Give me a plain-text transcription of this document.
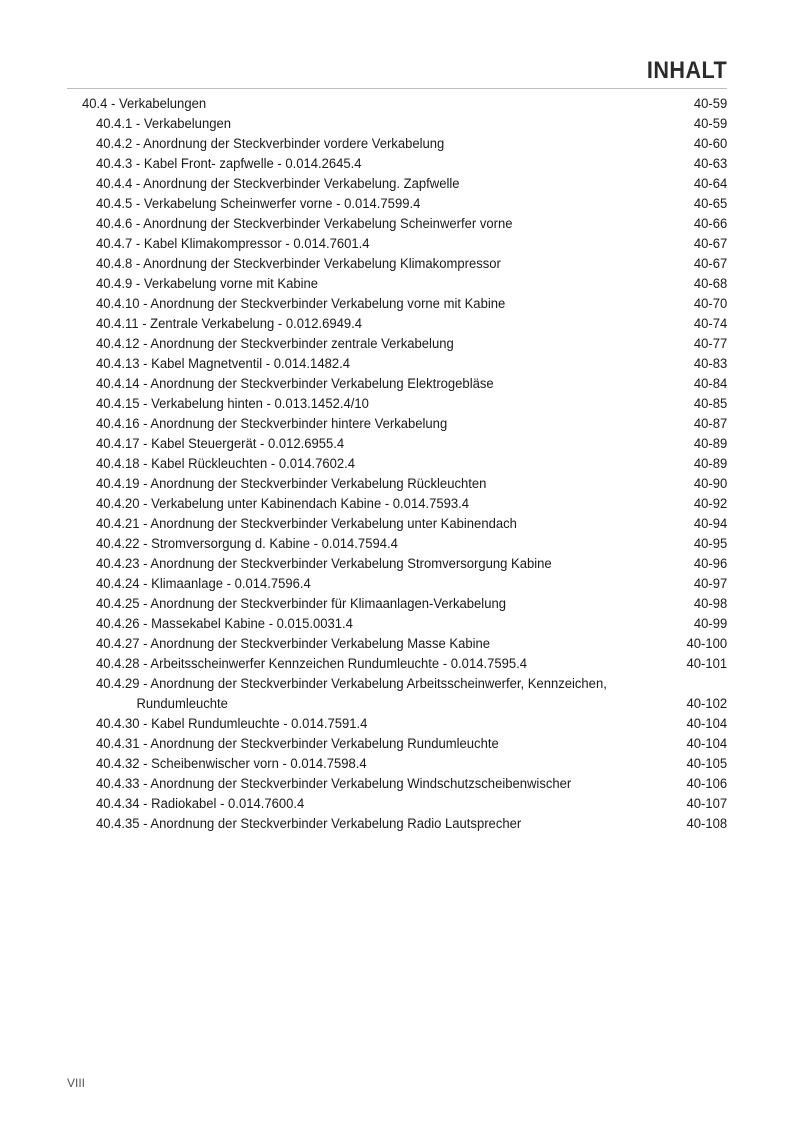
INHALT
40.4 - Verkabelungen	40-59
40.4.1 - Verkabelungen	40-59
40.4.2 - Anordnung der Steckverbinder vordere Verkabelung	40-60
40.4.3 - Kabel Front- zapfwelle - 0.014.2645.4	40-63
40.4.4 - Anordnung der Steckverbinder Verkabelung. Zapfwelle	40-64
40.4.5 - Verkabelung Scheinwerfer vorne - 0.014.7599.4	40-65
40.4.6 - Anordnung der Steckverbinder Verkabelung Scheinwerfer vorne	40-66
40.4.7 - Kabel Klimakompressor - 0.014.7601.4	40-67
40.4.8 - Anordnung der Steckverbinder Verkabelung Klimakompressor	40-67
40.4.9 - Verkabelung vorne mit Kabine	40-68
40.4.10 - Anordnung der Steckverbinder Verkabelung vorne mit Kabine	40-70
40.4.11 - Zentrale Verkabelung - 0.012.6949.4	40-74
40.4.12 - Anordnung der Steckverbinder zentrale Verkabelung	40-77
40.4.13 - Kabel Magnetventil - 0.014.1482.4	40-83
40.4.14 - Anordnung der Steckverbinder Verkabelung Elektrogebläse	40-84
40.4.15 - Verkabelung hinten - 0.013.1452.4/10	40-85
40.4.16 - Anordnung der Steckverbinder hintere Verkabelung	40-87
40.4.17 - Kabel Steuergerät - 0.012.6955.4	40-89
40.4.18 - Kabel Rückleuchten - 0.014.7602.4	40-89
40.4.19 - Anordnung der Steckverbinder Verkabelung Rückleuchten	40-90
40.4.20 - Verkabelung unter Kabinendach Kabine - 0.014.7593.4	40-92
40.4.21 - Anordnung der Steckverbinder Verkabelung unter Kabinendach	40-94
40.4.22 - Stromversorgung d. Kabine - 0.014.7594.4	40-95
40.4.23 - Anordnung der Steckverbinder Verkabelung Stromversorgung Kabine	40-96
40.4.24 - Klimaanlage - 0.014.7596.4	40-97
40.4.25 - Anordnung der Steckverbinder für Klimaanlagen-Verkabelung	40-98
40.4.26 - Massekabel Kabine - 0.015.0031.4	40-99
40.4.27 - Anordnung der Steckverbinder Verkabelung Masse Kabine	40-100
40.4.28 - Arbeitsscheinwerfer Kennzeichen Rundumleuchte - 0.014.7595.4	40-101
40.4.29 - Anordnung der Steckverbinder Verkabelung Arbeitsscheinwerfer, Kennzeichen,
Rundumleuchte	40-102
40.4.30 - Kabel Rundumleuchte - 0.014.7591.4	40-104
40.4.31 - Anordnung der Steckverbinder Verkabelung Rundumleuchte	40-104
40.4.32 - Scheibenwischer vorn - 0.014.7598.4	40-105
40.4.33 - Anordnung der Steckverbinder Verkabelung Windschutzscheibenwischer	40-106
40.4.34 - Radiokabel - 0.014.7600.4	40-107
40.4.35 - Anordnung der Steckverbinder Verkabelung Radio Lautsprecher	40-108
VIII
